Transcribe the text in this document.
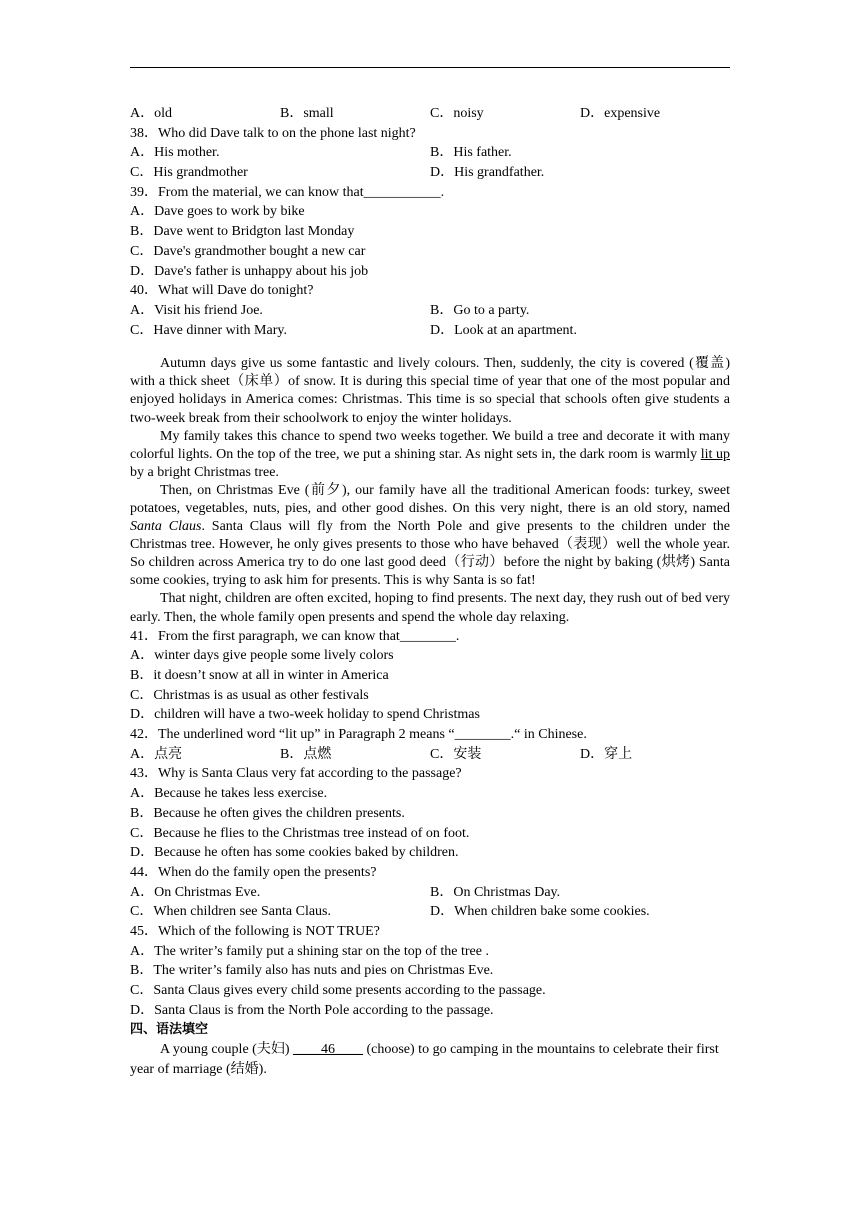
A．old	B．small	C．noisy	D．expensive
38．Who did Dave talk to on the phone last night?
A．His mother.	B．His father.
C．His grandmother	D．His grandfather.
39．From the material, we can know that___________.
A．Dave goes to work by bike
B．Dave went to Bridgton last Monday
C．Dave's grandmother bought a new car
D．Dave's father is unhappy about his job
40．What will Dave do tonight?
A．Visit his friend Joe.	B．Go to a party.
C．Have dinner with Mary.	D．Look at an apartment.

Autumn days give us some fantastic and lively colours. Then, suddenly, the city is covered (覆盖) with a thick sheet（床单）of snow. It is during this special time of year that one of the most popular and enjoyed holidays in America comes: Christmas. This time is so special that schools often give students a two-week break from their schoolwork to enjoy the winter holidays.

My family takes this chance to spend two weeks together. We build a tree and decorate it with many colorful lights. On the top of the tree, we put a shining star. As night sets in, the dark room is warmly lit up by a bright Christmas tree.

Then, on Christmas Eve (前夕), our family have all the traditional American foods: turkey, sweet potatoes, vegetables, nuts, pies, and other good dishes. On this very night, there is an old story, named Santa Claus. Santa Claus will fly from the North Pole and give presents to the children under the Christmas tree. However, he only gives presents to those who have behaved（表现）well the whole year. So children across America try to do one last good deed（行动）before the night by baking (烘烤) Santa some cookies, trying to ask him for presents. This is why Santa is so fat!

That night, children are often excited, hoping to find presents. The next day, they rush out of bed very early. Then, the whole family open presents and spend the whole day relaxing.

41．From the first paragraph, we can know that________.
A．winter days give people some lively colors
B．it doesn’t snow at all in winter in America
C．Christmas is as usual as other festivals
D．children will have a two-week holiday to spend Christmas
42．The underlined word “lit up” in Paragraph 2 means “________.“ in Chinese.
A．点亮	B．点燃	C．安装	D．穿上
43．Why is Santa Claus very fat according to the passage?
A．Because he takes less exercise.
B．Because he often gives the children presents.
C．Because he flies to the Christmas tree instead of on foot.
D．Because he often has some cookies baked by children.
44．When do the family open the presents?
A．On Christmas Eve.	B．On Christmas Day.
C．When children see Santa Claus.	D．When children bake some cookies.
45．Which of the following is NOT TRUE?
A．The writer’s family put a shining star on the top of the tree .
B．The writer’s family also has nuts and pies on Christmas Eve.
C．Santa Claus gives every child some presents according to the passage.
D．Santa Claus is from the North Pole according to the passage.
四、语法填空

A young couple (夫妇) ____46____ (choose) to go camping in the mountains to celebrate their first year of marriage (结婚).
